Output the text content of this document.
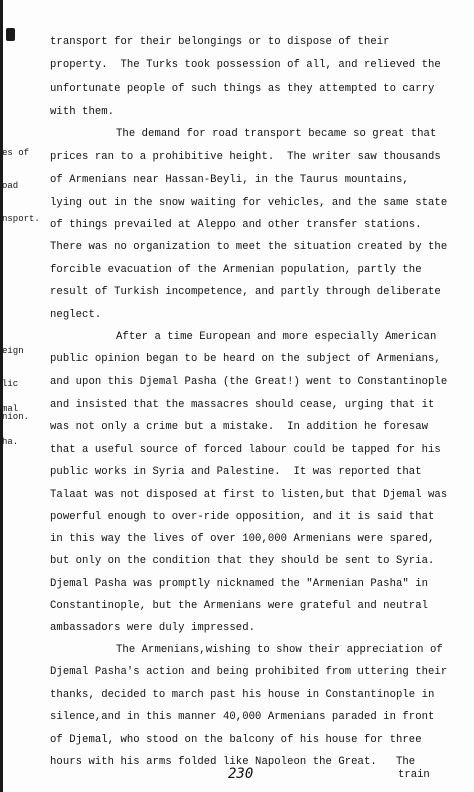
es of

oad

nsport.

eign

lic

nion.

mal

ha.

transport for their belongings or to dispose of their
property.  The Turks took possession of all, and relieved the
unfortunate people of such things as they attempted to carry
with them.
The demand for road transport became so great that
prices ran to a prohibitive height.  The writer saw thousands
of Armenians near Hassan-Beyli, in the Taurus mountains,
lying out in the snow waiting for vehicles, and the same state
of things prevailed at Aleppo and other transfer stations.
There was no organization to meet the situation created by the
forcible evacuation of the Armenian population, partly the
result of Turkish incompetence, and partly through deliberate
neglect.
After a time European and more especially American
public opinion began to be heard on the subject of Armenians,
and upon this Djemal Pasha (the Great!) went to Constantinople
and insisted that the massacres should cease, urging that it
was not only a crime but a mistake.  In addition he foresaw
that a useful source of forced labour could be tapped for his
public works in Syria and Palestine.  It was reported that
Talaat was not disposed at first to listen,but that Djemal was
powerful enough to over-ride opposition, and it is said that
in this way the lives of over 100,000 Armenians were spared,
but only on the condition that they should be sent to Syria.
Djemal Pasha was promptly nicknamed the "Armenian Pasha" in
Constantinople, but the Armenians were grateful and neutral
ambassadors were duly impressed.
The Armenians,wishing to show their appreciation of
Djemal Pasha's action and being prohibited from uttering their
thanks, decided to march past his house in Constantinople in
silence,and in this manner 40,000 Armenians paraded in front
of Djemal, who stood on the balcony of his house for three
hours with his arms folded like Napoleon the Great.   The
230	train
